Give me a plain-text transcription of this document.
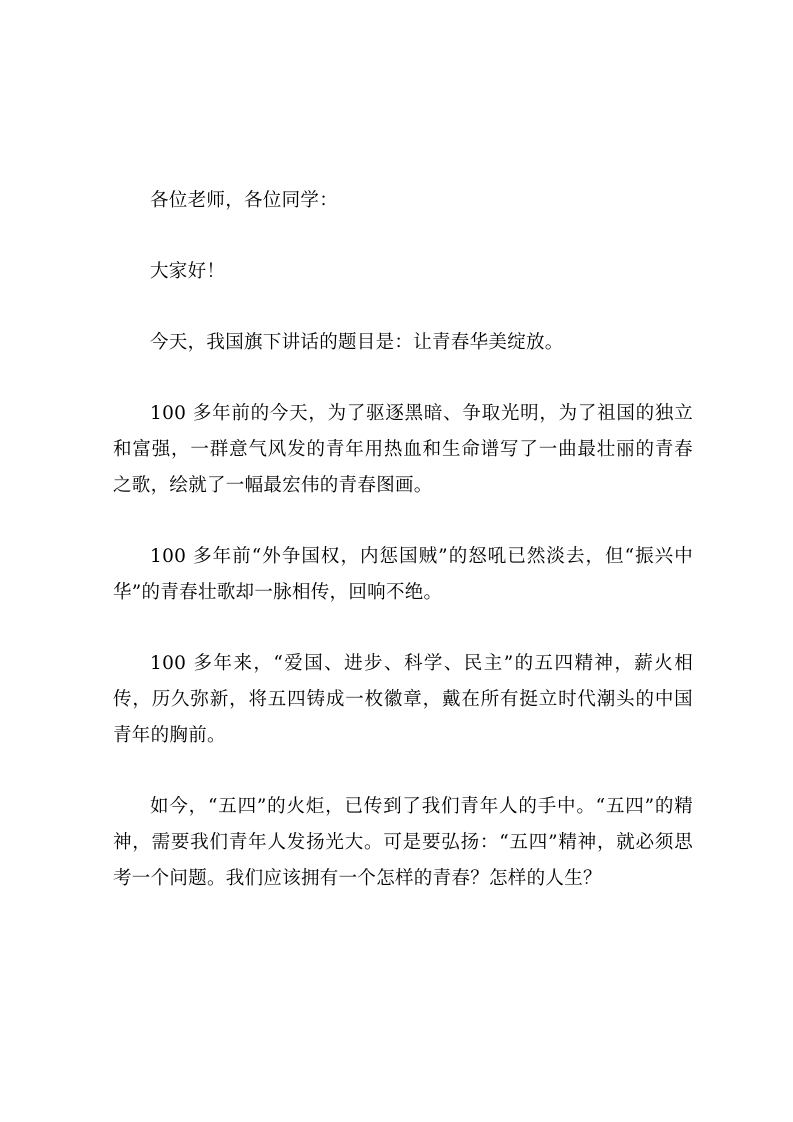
各位老师，各位同学：

大家好！

今天，我国旗下讲话的题目是：让青春华美绽放。

100 多年前的今天，为了驱逐黑暗、争取光明，为了祖国的独立和富强，一群意气风发的青年用热血和生命谱写了一曲最壮丽的青春之歌，绘就了一幅最宏伟的青春图画。

100 多年前“外争国权，内惩国贼”的怒吼已然淡去，但“振兴中华”的青春壮歌却一脉相传，回响不绝。

100 多年来，“爱国、进步、科学、民主”的五四精神，薪火相传，历久弥新，将五四铸成一枚徽章，戴在所有挺立时代潮头的中国青年的胸前。

如今，“五四”的火炬，已传到了我们青年人的手中。“五四”的精神，需要我们青年人发扬光大。可是要弘扬：“五四”精神，就必须思考一个问题。我们应该拥有一个怎样的青春？怎样的人生？
